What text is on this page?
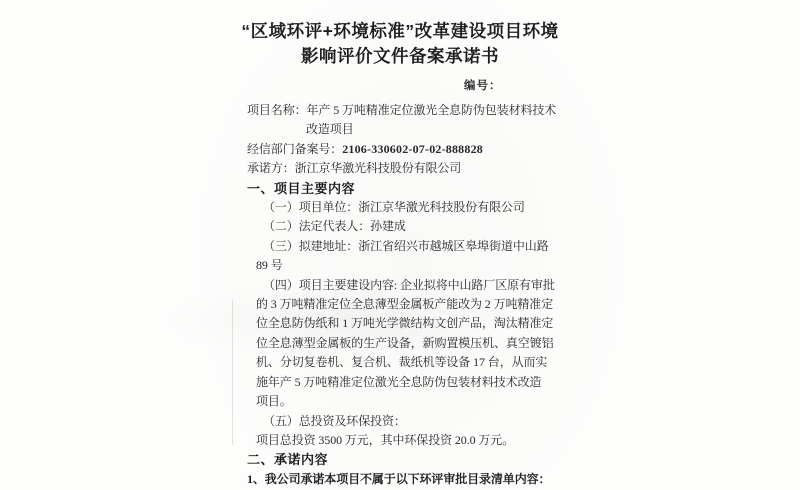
“区域环评+环境标准”改革建设项目环境
影响评价文件备案承诺书
编号：

项目名称：年产 5 万吨精准定位激光全息防伪包装材料技术

改造项目

经信部门备案号：2106-330602-07-02-888828

承诺方：浙江京华激光科技股份有限公司

一、项目主要内容

（一）项目单位：浙江京华激光科技股份有限公司

（二）法定代表人：孙建成

（三）拟建地址：浙江省绍兴市越城区皋埠街道中山路

89 号

（四）项目主要建设内容: 企业拟将中山路厂区原有审批

的 3 万吨精准定位全息薄型金属板产能改为 2 万吨精准定

位全息防伪纸和 1 万吨光学微结构文创产品，淘汰精准定

位全息薄型金属板的生产设备，新购置模压机、真空镀铝

机、分切复卷机、复合机、裁纸机等设备 17 台，从而实

施年产 5 万吨精准定位激光全息防伪包装材料技术改造

项目。

（五）总投资及环保投资：

项目总投资 3500 万元，其中环保投资 20.0 万元。

二、承诺内容

1、我公司承诺本项目不属于以下环评审批目录清单内容：
